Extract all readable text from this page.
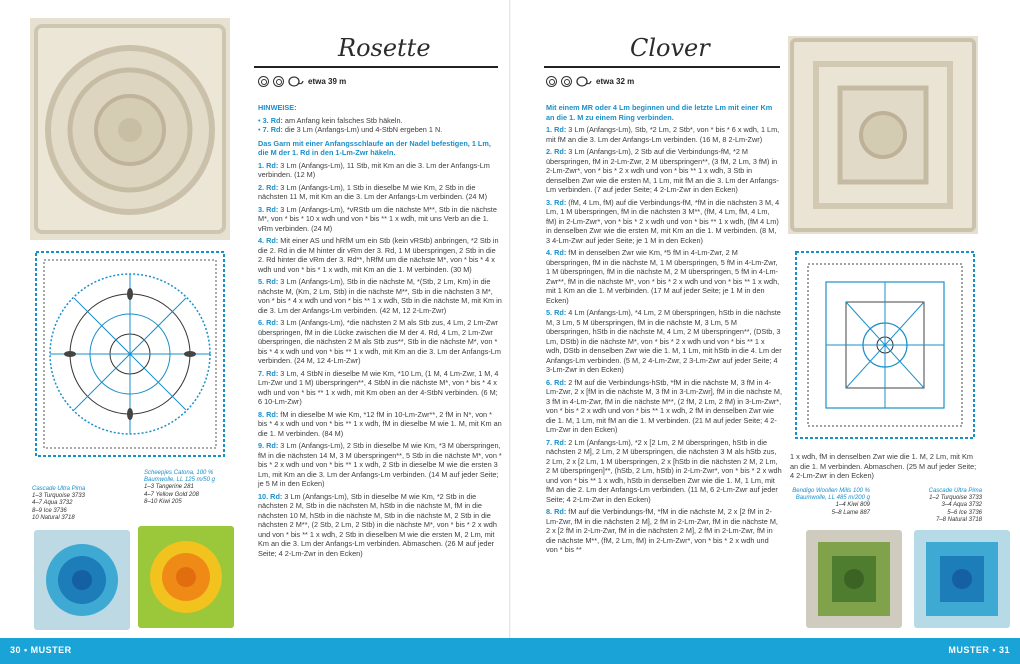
Rosette
etwa 39 m

HINWEISE:

• 3. Rd: am Anfang kein falsches Stb häkeln.
• 7. Rd: die 3 Lm (Anfangs-Lm) und 4-StbN ergeben 1 N.

Das Garn mit einer Anfangsschlaufe an der Nadel befestigen, 1 Lm, die M der 1. Rd in den 1-Lm-Zwr häkeln.

1. Rd: 3 Lm (Anfangs-Lm), 11 Stb, mit Km an die 3. Lm der Anfangs-Lm verbinden. (12 M)

2. Rd: 3 Lm (Anfangs-Lm), 1 Stb in dieselbe M wie Km, 2 Stb in die nächsten 11 M, mit Km an die 3. Lm der Anfangs-Lm verbinden. (24 M)

3. Rd: 3 Lm (Anfangs-Lm), *vRStb um die nächste M**, Stb in die nächste M*, von * bis * 10 x wdh und von * bis ** 1 x wdh, mit uns Verb an die 1. vRm verbinden. (24 M)

4. Rd: Mit einer AS und hRfM um ein Stb (kein vRStb) anbringen, *2 Stb in die 2. Rd in die M hinter dir vRm der 3. Rd, 1 M überspringen, 2 Stb in die 2. Rd hinter die vRm der 3. Rd**, hRfM um die nächste M*, von * bis * 4 x wdh und von * bis * 1 x wdh, mit Km an die 1. M verbinden. (30 M)

5. Rd: 3 Lm (Anfangs-Lm), Stb in die nächste M, *(Stb, 2 Lm, Km) in die nächste M, (Km, 2 Lm, Stb) in die nächste M**, Stb in die nächsten 3 M*, von * bis * 4 x wdh und von * bis ** 1 x wdh, Stb in die nächste M, mit Km in die 3. Lm der Anfangs-Lm verbinden. (42 M, 12 2-Lm-Zwr)

6. Rd: 3 Lm (Anfangs-Lm), *die nächsten 2 M als Stb zus, 4 Lm, 2 Lm-Zwr überspringen, fM in die Lücke zwischen die M der 4. Rd, 4 Lm, 2 Lm-Zwr überspringen, die nächsten 2 M als Stb zus**, Stb in die nächste M*, von * bis * 4 x wdh und von * bis ** 1 x wdh, mit Km an die 3. Lm der Anfangs-Lm verbinden. (24 M, 12 4-Lm-Zwr)

7. Rd: 3 Lm, 4 StbN in dieselbe M wie Km, *10 Lm, (1 M, 4 Lm-Zwr, 1 M, 4 Lm-Zwr und 1 M) überspringen**, 4 StbN in die nächste M*, von * bis * 4 x wdh und von * bis ** 1 x wdh, mit Km oben an der 4-StbN verbinden. (6 M; 6 10-Lm-Zwr)

8. Rd: fM in dieselbe M wie Km, *12 fM in 10-Lm-Zwr**, 2 fM in N*, von * bis * 4 x wdh und von * bis ** 1 x wdh, fM in dieselbe M wie 1. M, mit Km an die 1. M verbinden. (84 M)

9. Rd: 3 Lm (Anfangs-Lm), 2 Stb in dieselbe M wie Km, *3 M überspringen, fM in die nächsten 14 M, 3 M überspringen**, 5 Stb in die nächste M*, von * bis * 2 x wdh und von * bis ** 1 x wdh, 2 Stb in dieselbe M wie die ersten 3 Lm, mit Km an die 3. Lm der Anfangs-Lm verbinden. (14 M auf jeder Seite; je 5 M in den Ecken)

10. Rd: 3 Lm (Anfangs-Lm), Stb in dieselbe M wie Km, *2 Stb in die nächsten 2 M, Stb in die nächsten M, hStb in die nächste M, fM in die nächsten 10 M, hStb in die nächste M, Stb in die nächste M, 2 Stb in die nächsten 2 M**, (2 Stb, 2 Lm, 2 Stb) in die nächste M*, von * bis * 2 x wdh und von * bis ** 1 x wdh, 2 Stb in dieselben M wie die ersten M, 2 Lm, mit Km an die 3. Lm der Anfangs-Lm verbinden. Abmaschen. (26 M auf jeder Seite; 4 2-Lm-Zwr in den Ecken)

Cascade Ultra Pima
1–3 Turquoise 3733
4–7 Aqua 3732
8–9 Ice 3736
10 Natural 3718
Scheepjes Catona, 100 % Baumwolle, LL 125 m/50 g
1–3 Tangerine 281
4–7 Yellow Gold 208
8–10 Kiwi 205
Clover
etwa 32 m

Mit einem MR oder 4 Lm beginnen und die letzte Lm mit einer Km an die 1. M zu einem Ring verbinden.

1. Rd: 3 Lm (Anfangs-Lm), Stb, *2 Lm, 2 Stb*, von * bis * 6 x wdh, 1 Lm, mit fM an die 3. Lm der Anfangs-Lm verbinden. (16 M, 8 2-Lm-Zwr)

2. Rd: 3 Lm (Anfangs-Lm), 2 Stb auf die Verbindungs-fM, *2 M überspringen, fM in 2-Lm-Zwr, 2 M überspringen**, (3 fM, 2 Lm, 3 fM) in 2-Lm-Zwr*, von * bis * 2 x wdh und von * bis ** 1 x wdh, 3 Stb in denselben Zwr wie die ersten M, 1 Lm, mit fM an die 3. Lm der Anfangs-Lm verbinden. (7 auf jeder Seite; 4 2-Lm-Zwr in den Ecken)

3. Rd: (fM, 4 Lm, fM) auf die Verbindungs-fM, *fM in die nächsten 3 M, 4 Lm, 1 M überspringen, fM in die nächsten 3 M**, (fM, 4 Lm, fM, 4 Lm, fM) in 2-Lm-Zwr*, von * bis * 2 x wdh und von * bis ** 1 x wdh, (fM 4 Lm) in denselben Zwr wie die ersten M, mit Km an die 1. M verbinden. (8 M, 3 4-Lm-Zwr auf jeder Seite; je 1 M in den Ecken)

4. Rd: fM in denselben Zwr wie Km, *5 fM in 4-Lm-Zwr, 2 M überspringen, fM in die nächste M, 1 M überspringen, 5 fM in 4-Lm-Zwr, 1 M überspringen, fM in die nächste M, 2 M überspringen, 5 fM in 4-Lm-Zwr**, fM in die nächste M*, von * bis * 2 x wdh und von * bis ** 1 x wdh, mit 1 Km an die 1. M verbinden. (17 M auf jeder Seite; je 1 M in den Ecken)

5. Rd: 4 Lm (Anfangs-Lm), *4 Lm, 2 M überspringen, hStb in die nächste M, 3 Lm, 5 M überspringen, fM in die nächste M, 3 Lm, 5 M überspringen, hStb in die nächste M, 4 Lm, 2 M überspringen**, (DStb, 3 Lm, DStb) in die nächste M*, von * bis * 2 x wdh und von * bis ** 1 x wdh, DStb in denselben Zwr wie die 1. M, 1 Lm, mit hStb in die 4. Lm der Anfangs-Lm verbinden. (5 M, 2 4-Lm-Zwr, 2 3-Lm-Zwr auf jeder Seite; 4 3-Lm-Zwr in den Ecken)

6. Rd: 2 fM auf die Verbindungs-hStb, *fM in die nächste M, 3 fM in 4-Lm-Zwr, 2 x [fM in die nächste M, 3 fM in 3-Lm-Zwr], fM in die nächste M, 3 fM in 4-Lm-Zwr, fM in die nächste M**, (2 fM, 2 Lm, 2 fM) in 3-Lm-Zwr*, von * bis * 2 x wdh und von * bis ** 1 x wdh, 2 fM in denselben Zwr wie die 1. M, 1 Lm, mit fM an die 1. M verbinden. (21 M auf jeder Seite; 4 2-Lm-Zwr in den Ecken)

7. Rd: 2 Lm (Anfangs-Lm), *2 x [2 Lm, 2 M überspringen, hStb in die nächsten 2 M], 2 Lm, 2 M überspringen, die nächsten 3 M als hStb zus, 2 Lm, 2 x [2 Lm, 1 M überspringen, 2 x [hStb in die nächsten 2 M, 2 Lm, 2 M überspringen]**, (hStb, 2 Lm, hStb) in 2-Lm-Zwr*, von * bis * 2 x wdh und von * bis ** 1 x wdh, hStb in denselben Zwr wie die 1. M, 1 Lm, mit fM an die 2. Lm der Anfangs-Lm verbinden. (11 M, 6 2-Lm-Zwr auf jeder Seite; 4 2-Lm-Zwr in den Ecken)

8. Rd: fM auf die Verbindungs-fM, *fM in die nächste M, 2 x [2 fM in 2-Lm-Zwr, fM in die nächsten 2 M], 2 fM in 2-Lm-Zwr, fM in die nächste M, 2 x [2 fM in 2-Lm-Zwr, fM in die nächsten 2 M], 2 fM in 2-Lm-Zwr, fM in die nächste M**, (fM, 2 Lm, fM) in 2-Lm-Zwr*, von * bis * 2 x wdh und von * bis **

1 x wdh, fM in denselben Zwr wie die 1. M, 2 Lm, mit Km an die 1. M verbinden. Abmaschen. (25 M auf jeder Seite; 4 2-Lm-Zwr in den Ecken)
Bendigo Woollen Mills 100 % Baumwolle, LL 485 m/200 g
1–4 Kiwi 809
5–8 Lame 887
Cascade Ultra Pima
1–2 Turquoise 3733
3–4 Aqua 3732
5–6 Ice 3736
7–8 Natural 3718
30 • MUSTER	MUSTER • 31
